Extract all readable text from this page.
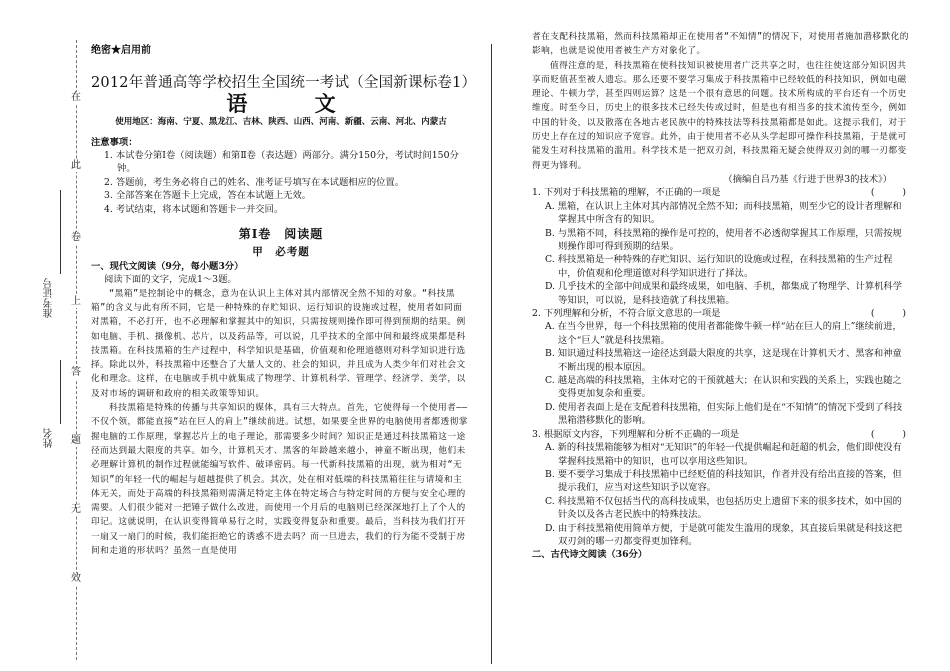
在
此
卷
上
答
题
无
效
准考证号
姓名

绝密★启用前

2012年普通高等学校招生全国统一考试（全国新课标卷1）

语 文

使用地区：海南、宁夏、黑龙江、吉林、陕西、山西、河南、新疆、云南、河北、内蒙古

注意事项：

1. 本试卷分第Ⅰ卷（阅读题）和第Ⅱ卷（表达题）两部分。满分150分，考试时间150分钟。

2. 答题前，考生务必将自己的姓名、准考证号填写在本试题相应的位置。

3. 全部答案在答题卡上完成，答在本试题上无效。

4. 考试结束，将本试题和答题卡一并交回。

第Ⅰ卷　阅读题

甲　必考题

一、现代文阅读（9分，每小题3分）

阅读下面的文字，完成1～3题。

“黑箱”是控制论中的概念，意为在认识上主体对其内部情况全然不知的对象。“科技黑箱”的含义与此有所不同，它是一种特殊的存贮知识、运行知识的设施或过程，使用者如同面对黑箱，不必打开，也不必理解和掌握其中的知识，只需按规则操作即可得到预期的结果。例如电脑、手机、摄像机、芯片，以及药品等，可以说，几乎技术的全部中间和最终成果都是科技黑箱。在科技黑箱的生产过程中，科学知识是基础，价值观和伦理道德则对科学知识进行选择。除此以外，科技黑箱中还整合了大量人文的、社会的知识，并且成为人类少年们对社会文化和理念。这样，在电脑或手机中就集成了物理学、计算机科学、管理学、经济学、美学，以及对市场的调研和政府的相关政策等知识。

科技黑箱是特殊的传播与共享知识的媒体，具有三大特点。首先，它使得每一个使用者——不仅个领，都能直接“站在巨人的肩上”继续前进。试想，如果要全世界的电脑使用者都透彻掌握电脑的工作原理，掌握芯片上的电子理论，那需要多少时间？知识正是通过科技黑箱这一途径而达到最大限度的共享。如今，计算机天才、黑客的年龄越来越小，神童不断出现，他们未必理解计算机的制作过程就能编写软件、破译密码。每一代新科技黑箱的出现，就为相对“无知识”的年轻一代的崛起与超越提供了机会。其次，处在相对低端的科技黑箱往往与请境和主体无关，而处于高端的科技黑箱则需满足特定主体在特定场合与特定时间的方便与安全心理的需要。人们很少能对一把锤子做什么改进，而使用一个月后的电脑则已经深深地打上了个人的印记。这就说明，在认识变得简单易行之时，实践变得复杂和重要。最后，当科技为我们打开一扇又一扇门的时候，我们能拒绝它的诱惑不进去吗？而一旦进去，我们的行为能不受制于房间和走道的形状吗？虽然一直是使用

者在支配科技黑箱，然而科技黑箱却正在使用者“不知情”的情况下，对使用者施加潜移默化的影响，也就是说使用者被生产方对象化了。

值得注意的是，科技黑箱在使科技知识被使用者广泛共享之时，也往往使这部分知识因共享而贬值甚至被人遗忘。那么还要不要学习集成于科技黑箱中已经较低的科技知识，例如电磁理论、牛顿力学，甚至四则运算？这是一个很有意思的问题。技术所构成的平台还有一个历史维度。时至今日，历史上的很多技术已经失传或过时，但是也有相当多的技术流传至今，例如中国的针灸，以及散落在各地古老民族中的特殊技法等科技黑箱都是如此。这提示我们，对于历史上存在过的知识应予宽容。此外，由于使用者不必从头学起即可操作科技黑箱，于是就可能发生对科技黑箱的滥用。科学技术是一把双刃剑，科技黑箱无疑会使得双刃剑的哪一刃都变得更为锋利。

（摘编自吕乃基《行进于世界3的技术》）

1. 下列对于科技黑箱的理解，不正确的一项是	(　　　)

A. 黑箱，在认识上主体对其内部情况全然不知；而科技黑箱，则至少它的设计者理解和掌握其中所含有的知识。

B. 与黑箱不同，科技黑箱的操作是可控的，使用者不必透彻掌握其工作原理，只需按规则操作即可得到预期的结果。

C. 科技黑箱是一种特殊的存贮知识、运行知识的设施或过程，在科技黑箱的生产过程中，价值观和伦理道德对科学知识进行了择汰。

D. 几乎技术的全部中间成果和最终成果，如电脑、手机，都集成了物理学、计算机科学等知识，可以说，是科技造就了科技黑箱。

2. 下列理解和分析，不符合原文意思的一项是	(　　　)

A. 在当今世界，每一个科技黑箱的使用者都能像牛顿一样“站在巨人的肩上”继续前进，这个“巨人”就是科技黑箱。

B. 知识通过科技黑箱这一途径达到最大限度的共享，这是现在计算机天才、黑客和神童不断出现的根本原因。

C. 越是高端的科技黑箱，主体对它的干预就越大；在认识和实践的关系上，实践也随之变得更加复杂和重要。

D. 使用者表面上是在支配着科技黑箱，但实际上他们是在“不知情”的情况下受到了科技黑箱潜移默化的影响。

3. 根据原文内容，下列理解和分析不正确的一项是	(　　　)

A. 新的科技黑箱能够为相对“无知识”的年轻一代提供崛起和赶超的机会，他们即使没有掌握科技黑箱中的知识，也可以享用这些知识。

B. 要不要学习集成于科技黑箱中已经贬值的科技知识，作者并没有给出直接的答案，但提示我们，应当对这些知识予以宽容。

C. 科技黑箱不仅包括当代的高科技成果，也包括历史上遗留下来的很多技术，如中国的针灸以及各古老民族中的特殊技法。

D. 由于科技黑箱使用简单方便，于是就可能发生滥用的现象，其直接后果就是科技这把双刃剑的哪一刃都变得更加锋利。

二、古代诗文阅读（36分）
